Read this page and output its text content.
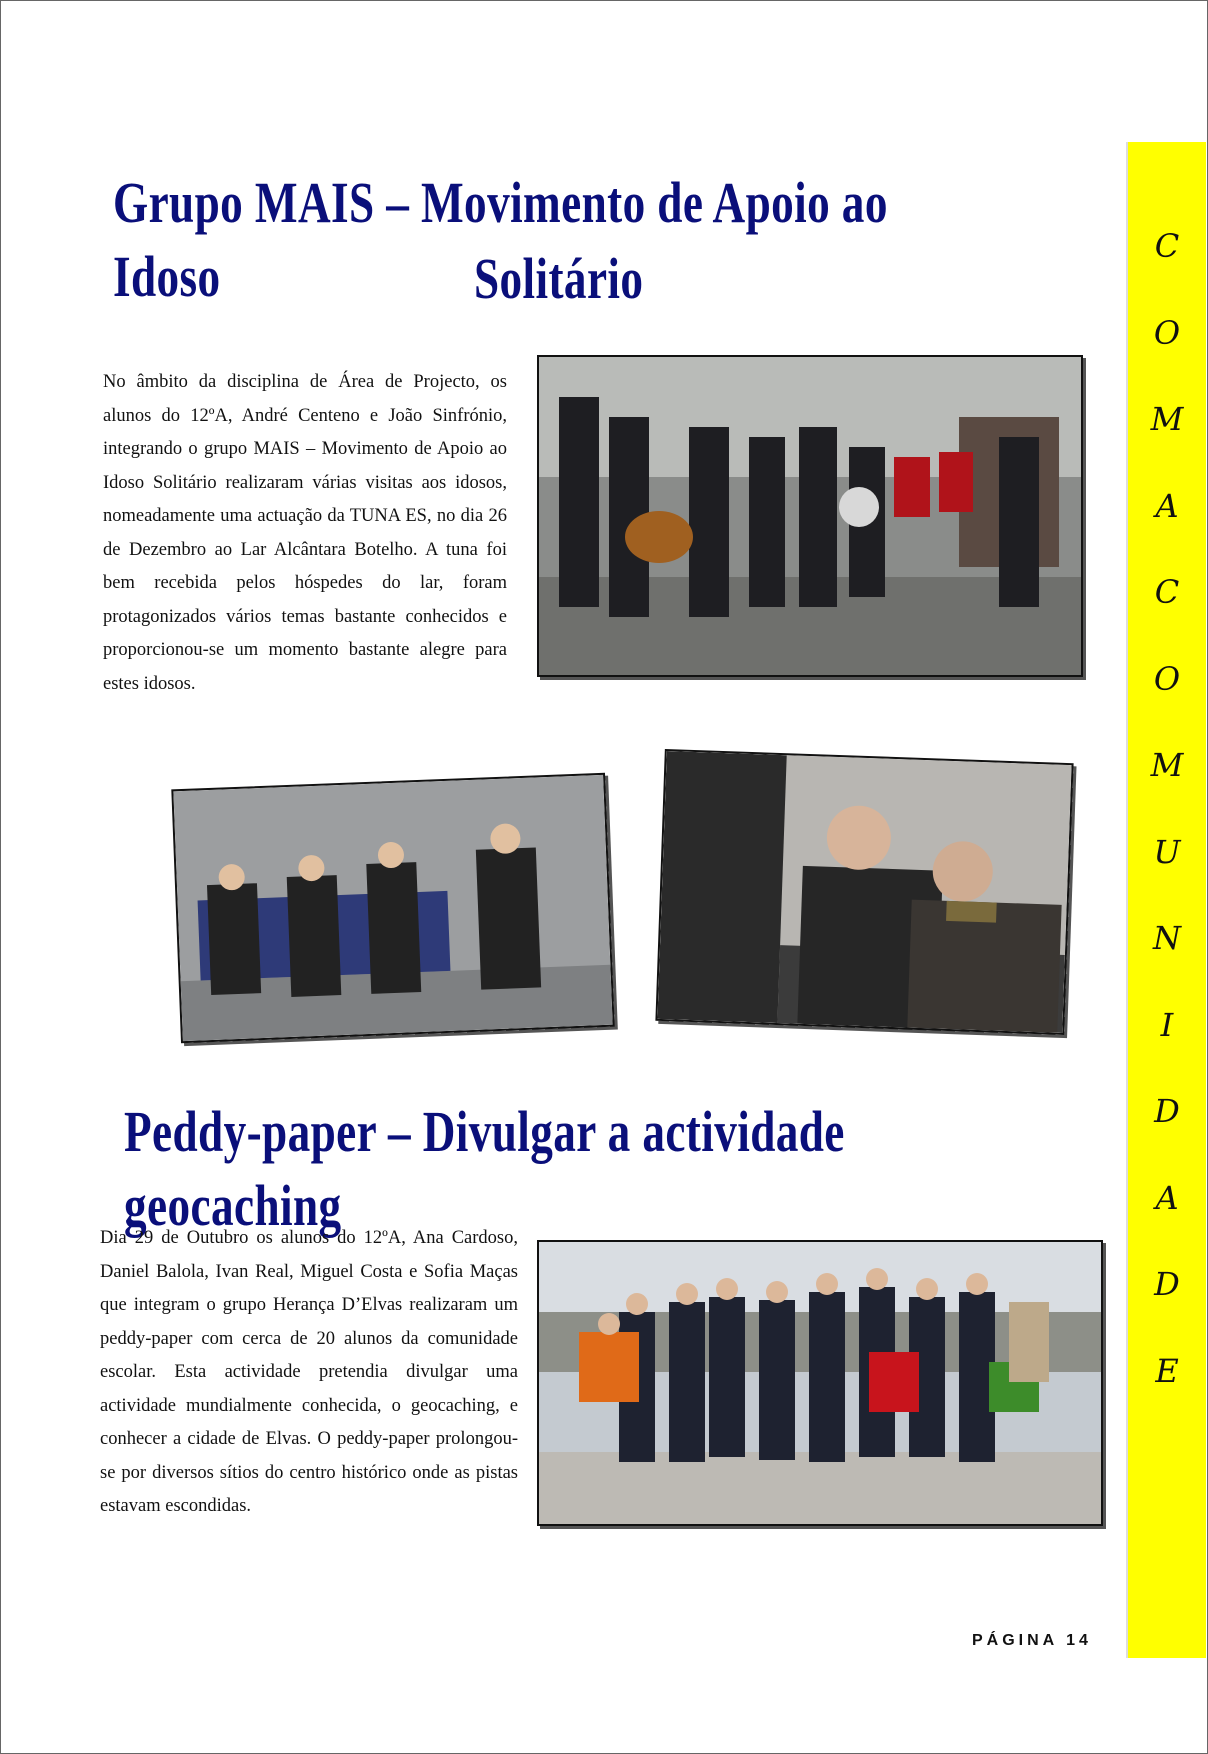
Grupo MAIS – Movimento de Apoio ao Idoso	Solitário

No âmbito da disciplina de Área de Projecto, os alunos do 12ºA, André Centeno e João Sinfrónio, integrando o grupo MAIS – Movimento de Apoio ao Idoso Solitário realizaram várias visitas aos idosos, nomeadamente uma actuação da TUNA ES, no dia 26 de Dezembro ao Lar Alcântara Botelho. A tuna foi bem recebida pelos hóspedes do lar, foram protagonizados vários temas bastante conhecidos e proporcionou-se um momento bastante alegre para estes idosos.

Peddy-paper – Divulgar a actividade geocaching

Dia 29 de Outubro os alunos do 12ºA, Ana Cardoso, Daniel Balola, Ivan Real, Miguel Costa e Sofia Maças que integram o grupo Herança D’Elvas realizaram um peddy-paper com cerca de 20 alunos da comunidade escolar. Esta actividade pretendia divulgar uma actividade mundialmente conhecida, o geocaching, e conhecer a cidade de Elvas. O peddy-paper prolongou-se por diversos sítios do centro histórico onde as pistas estavam escondidas.

C
O
M
A
C
O
M
U
N
I
D
A
D
E
PÁGINA 14
